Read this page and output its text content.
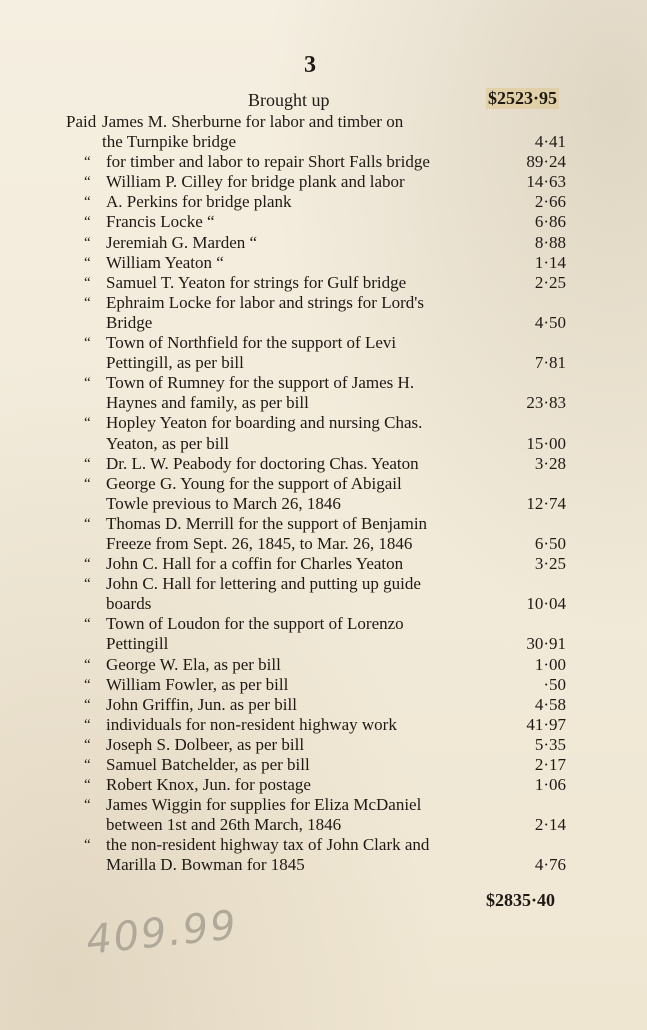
3
Brought up	$2523·95
Paid James M. Sherburne for labor and timber on
the Turnpike bridge	4·41
“ for timber and labor to repair Short Falls bridge	89·24
“ William P. Cilley for bridge plank and labor	14·63
“ A. Perkins for bridge plank	2·66
“ Francis Locke “	6·86
“ Jeremiah G. Marden “	8·88
“ William Yeaton “	1·14
“ Samuel T. Yeaton for strings for Gulf bridge	2·25
“ Ephraim Locke for labor and strings for Lord's
Bridge	4·50
“ Town of Northfield for the support of Levi
Pettingill, as per bill	7·81
“ Town of Rumney for the support of James H.
Haynes and family, as per bill	23·83
“ Hopley Yeaton for boarding and nursing Chas.
Yeaton, as per bill	15·00
“ Dr. L. W. Peabody for doctoring Chas. Yeaton	3·28
“ George G. Young for the support of Abigail
Towle previous to March 26, 1846	12·74
“ Thomas D. Merrill for the support of Benjamin
Freeze from Sept. 26, 1845, to Mar. 26, 1846	6·50
“ John C. Hall for a coffin for Charles Yeaton	3·25
“ John C. Hall for lettering and putting up guide
boards	10·04
“ Town of Loudon for the support of Lorenzo
Pettingill	30·91
“ George W. Ela, as per bill	1·00
“ William Fowler, as per bill	·50
“ John Griffin, Jun. as per bill	4·58
“ individuals for non-resident highway work	41·97
“ Joseph S. Dolbeer, as per bill	5·35
“ Samuel Batchelder, as per bill	2·17
“ Robert Knox, Jun. for postage	1·06
“ James Wiggin for supplies for Eliza McDaniel
between 1st and 26th March, 1846	2·14
“ the non-resident highway tax of John Clark and
Marilla D. Bowman for 1845	4·76
$2835·40
409.99
